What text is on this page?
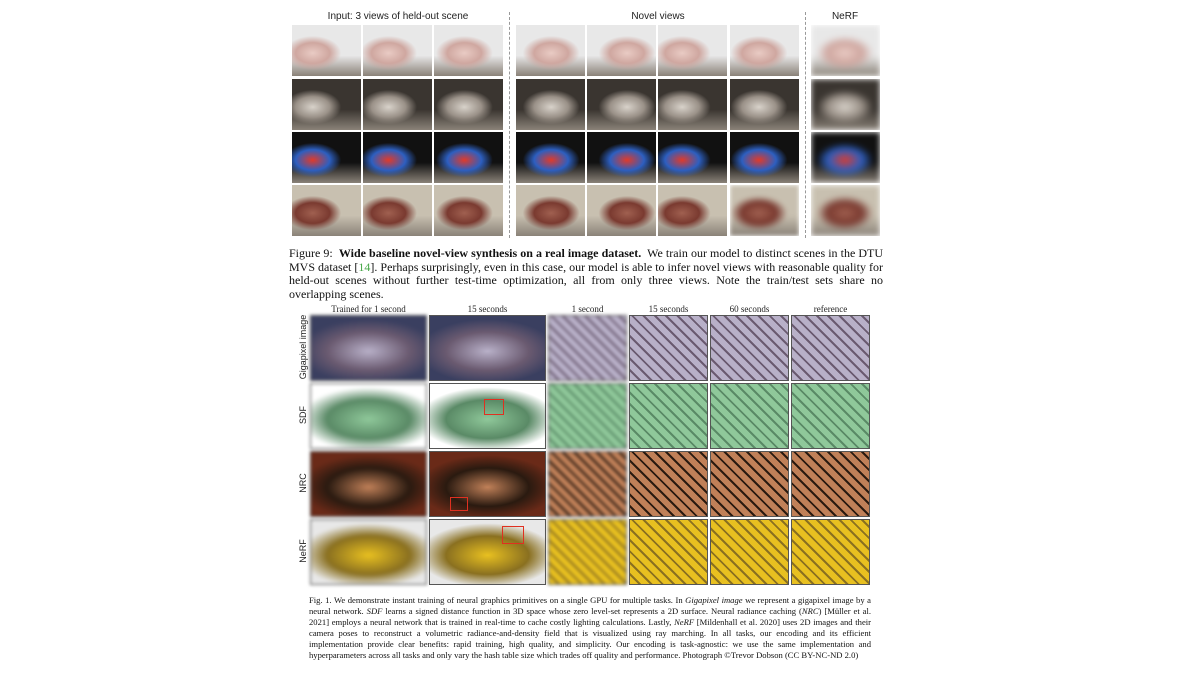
Input: 3 views of held-out scene	Novel views	NeRF
Figure 9: Wide baseline novel-view synthesis on a real image dataset. We train our model to distinct scenes in the DTU MVS dataset [14]. Perhaps surprisingly, even in this case, our model is able to infer novel views with reasonable quality for held-out scenes without further test-time optimization, all from only three views. Note the train/test sets share no overlapping scenes.
Trained for 1 second	15 seconds	1 second	15 seconds	60 seconds	reference
Gigapixel image
SDF
NRC
NeRF
Fig. 1. We demonstrate instant training of neural graphics primitives on a single GPU for multiple tasks. In Gigapixel image we represent a gigapixel image by a neural network. SDF learns a signed distance function in 3D space whose zero level-set represents a 2D surface. Neural radiance caching (NRC) [Müller et al. 2021] employs a neural network that is trained in real-time to cache costly lighting calculations. Lastly, NeRF [Mildenhall et al. 2020] uses 2D images and their camera poses to reconstruct a volumetric radiance-and-density field that is visualized using ray marching. In all tasks, our encoding and its efficient implementation provide clear benefits: rapid training, high quality, and simplicity. Our encoding is task-agnostic: we use the same implementation and hyperparameters across all tasks and only vary the hash table size which trades off quality and performance. Photograph ©Trevor Dobson (CC BY-NC-ND 2.0)
